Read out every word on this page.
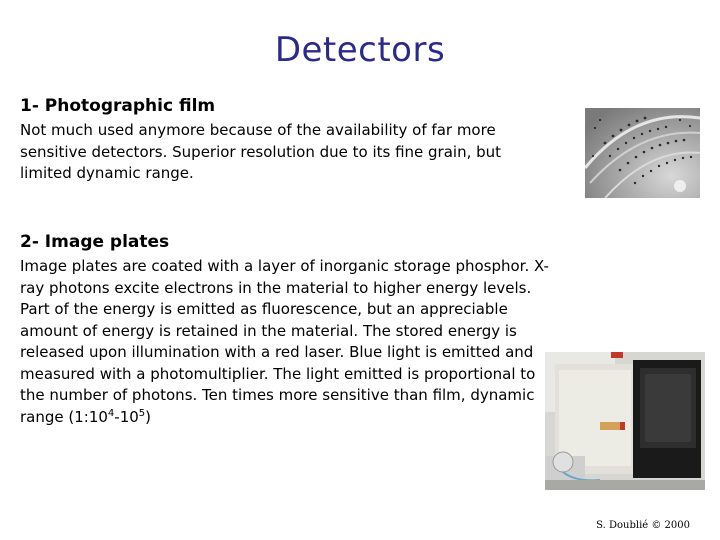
Detectors
1- Photographic film
Not much used anymore because of the availability of far more sensitive detectors. Superior resolution due to its fine grain, but limited dynamic range.
2- Image plates
Image plates are coated with a layer of inorganic storage phosphor. X-ray photons excite electrons in the material to higher energy levels. Part of the energy is emitted as fluorescence, but an appreciable amount of energy is retained in the material. The stored energy is released upon illumination with a red laser. Blue light is emitted and measured with a photomultiplier. The light emitted is proportional to the number of photons. Ten times more sensitive than film, dynamic range $(1:10^4-10^5)$
S. Doublié © 2000
